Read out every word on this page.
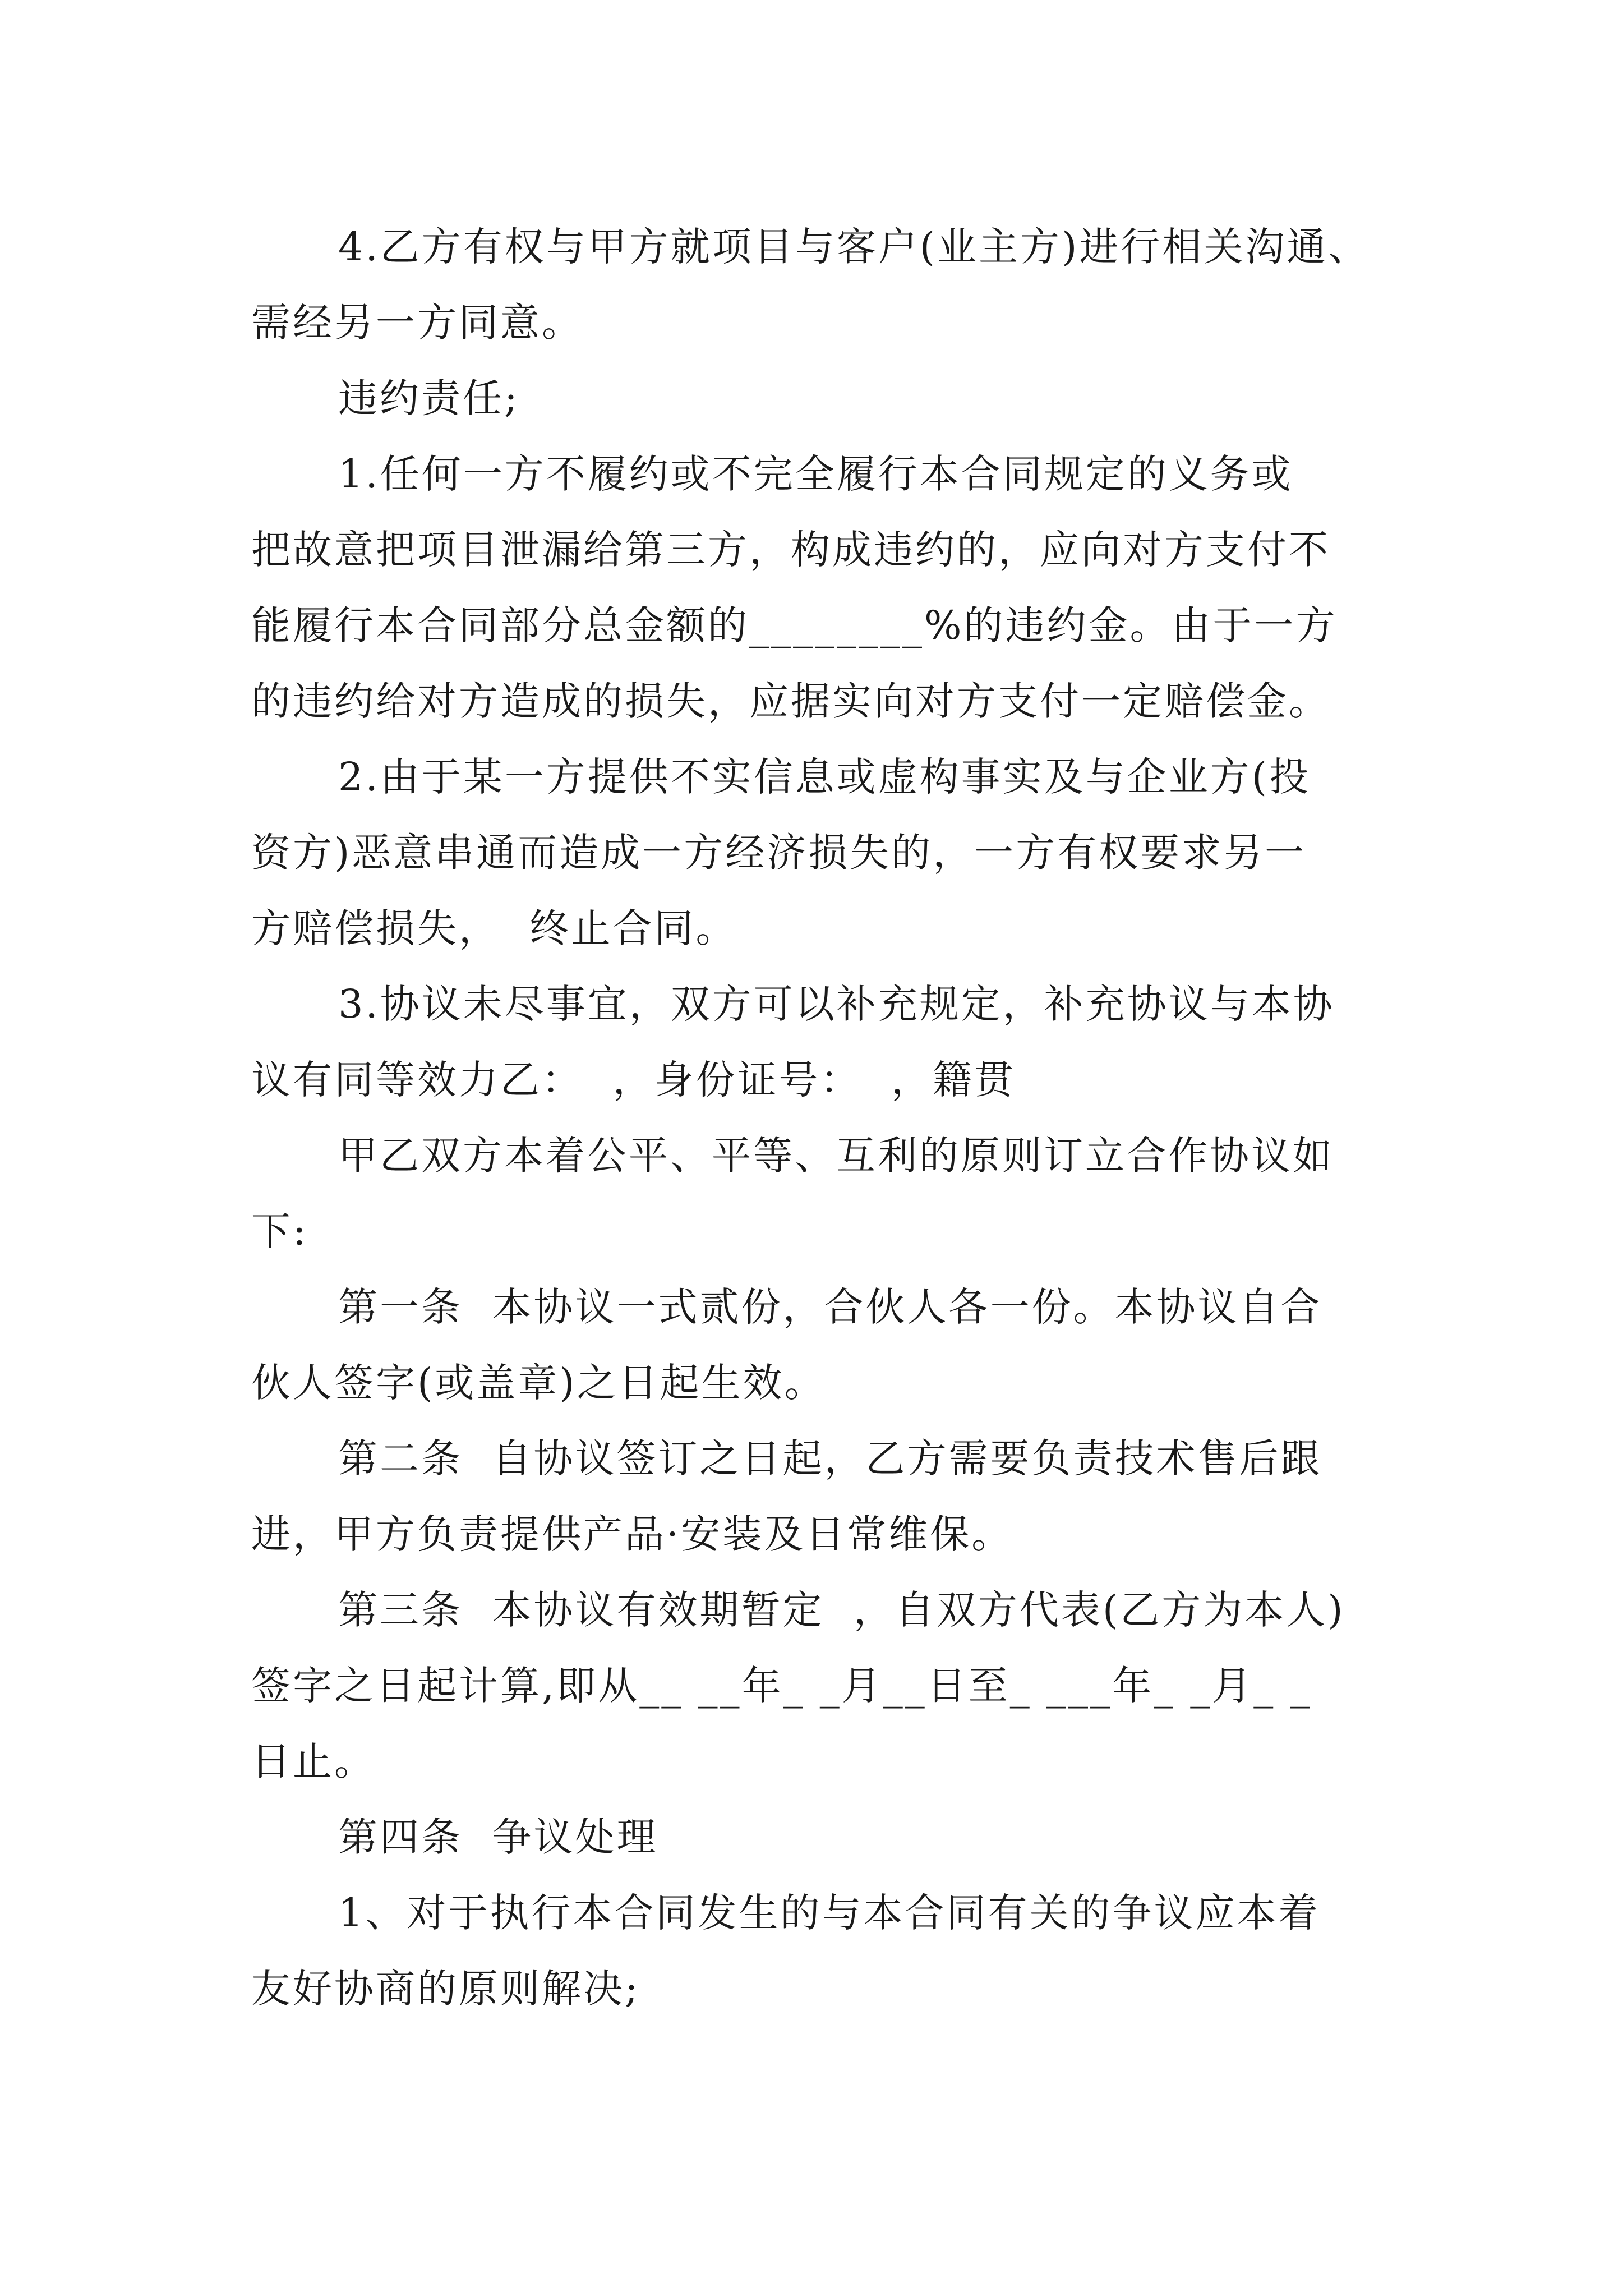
4.乙方有权与甲方就项目与客户(业主方)进行相关沟通、
需经另一方同意。
违约责任;
1.任何一方不履约或不完全履行本合同规定的义务或
把故意把项目泄漏给第三方，构成违约的，应向对方支付不
能履行本合同部分总金额的________%的违约金。由于一方
的违约给对方造成的损失，应据实向对方支付一定赔偿金。
2.由于某一方提供不实信息或虚构事实及与企业方(投
资方)恶意串通而造成一方经济损失的，一方有权要求另一
方赔偿损失，  终止合同。
3.协议未尽事宜，双方可以补充规定，补充协议与本协
议有同等效力乙：  ，身份证号：  ，籍贯
甲乙双方本着公平、平等、互利的原则订立合作协议如
下:
第一条  本协议一式贰份，合伙人各一份。本协议自合
伙人签字(或盖章)之日起生效。
第二条  自协议签订之日起，乙方需要负责技术售后跟
进，甲方负责提供产品·安装及日常维保。
第三条  本协议有效期暂定  ，自双方代表(乙方为本人)
签字之日起计算,即从__ __年_ _月__日至_ ___年_ _月_ _
日止。
第四条  争议处理
1、对于执行本合同发生的与本合同有关的争议应本着
友好协商的原则解决;
